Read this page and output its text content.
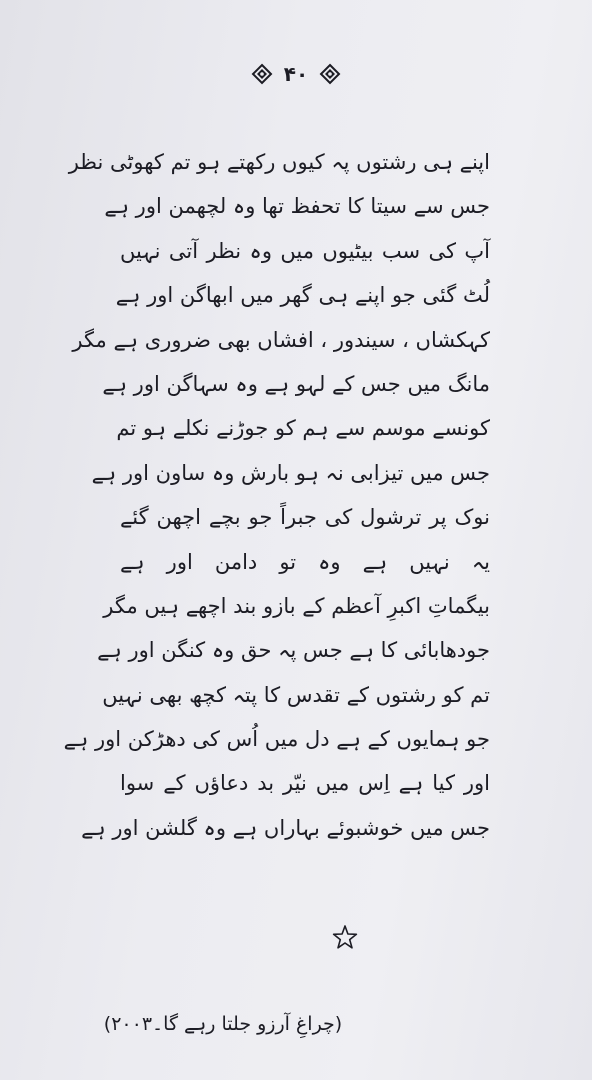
۴۰
اپنے ہی رشتوں پہ کیوں رکھتے ہو تم کھوٹی نظر
جس سے سیتا کا تحفظ تھا وہ لچھمن اور ہے
آپ کی سب بیٹیوں میں وہ نظر آتی نہیں
لُٹ گئی جو اپنے ہی گھر میں ابھاگن اور ہے
کہکشاں ، سیندور ، افشاں بھی ضروری ہے مگر
مانگ میں جس کے لہو ہے وہ سہاگن اور ہے
کونسے موسم سے ہم کو جوڑنے نکلے ہو تم
جس میں تیزابی نہ ہو بارش وہ ساون اور ہے
نوک پر ترشول کی جبراً جو بچے اچھن گئے
یہ نہیں ہے وہ تو دامن اور ہے
بیگماتِ اکبرِ آعظم کے بازو بند اچھے ہیں مگر
جودھابائی کا ہے جس پہ حق وہ کنگن اور ہے
تم کو رشتوں کے تقدس کا پتہ کچھ بھی نہیں
جو ہمایوں کے ہے دل میں اُس کی دھڑکن اور ہے
اور کیا ہے اِس میں نیّر بد دعاؤں کے سوا
جس میں خوشبوئے بہاراں ہے وہ گلشن اور ہے
(چراغِ آرزو جلتا رہے گا۔۲۰۰۳)
